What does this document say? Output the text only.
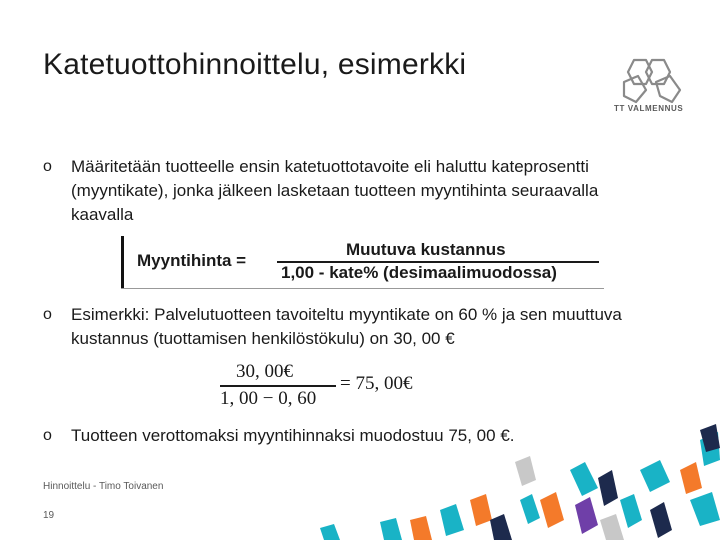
Katetuottohinnoittelu, esimerkki
TT VALMENNUS
o Määritetään tuotteelle ensin katetuottotavoite eli haluttu kateprosentti (myyntikate), jonka jälkeen lasketaan tuotteen myyntihinta seuraavalla kaavalla
Myyntihinta =
Muutuva kustannus
1,00 - kate% (desimaalimuodossa)
o Esimerkki: Palvelutuotteen tavoiteltu myyntikate on 60 % ja sen muuttuva kustannus (tuottamisen henkilöstökulu) on 30, 00 €
30, 00€
1, 00 − 0, 60
= 75, 00€
o Tuotteen verottomaksi myyntihinnaksi muodostuu 75, 00 €.
Hinnoittelu - Timo Toivanen
19
